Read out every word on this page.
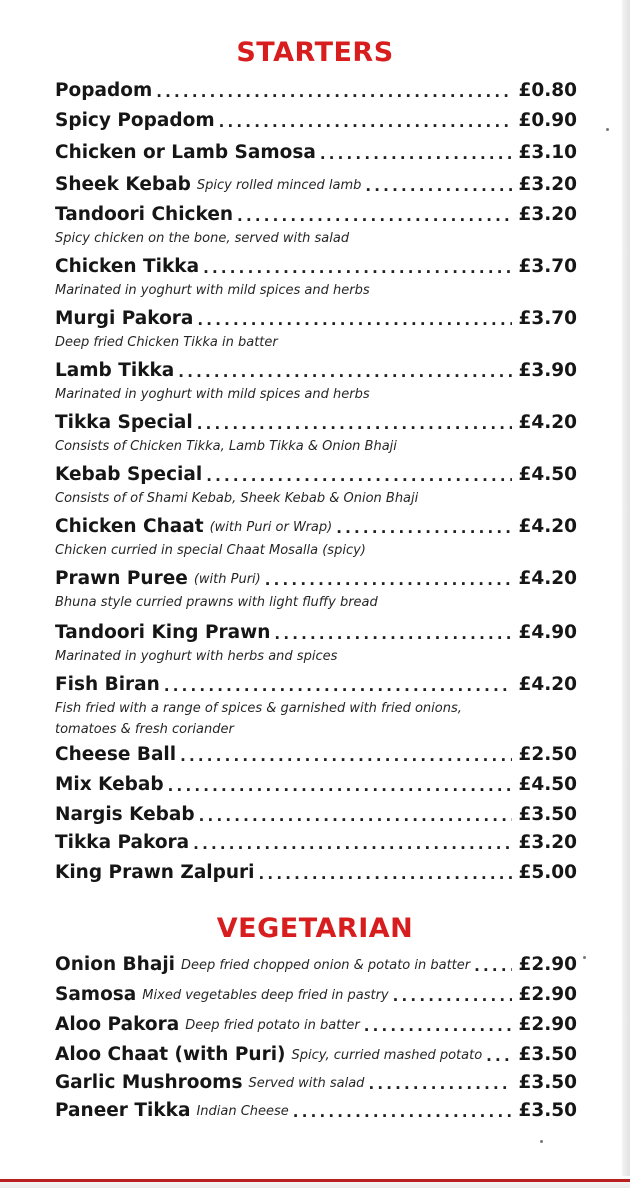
STARTERS
Popadom .....	£0.80
Spicy Popadom .....	£0.90
Chicken or Lamb Samosa .....	£3.10
Sheek Kebab Spicy rolled minced lamb .....	£3.20
Tandoori Chicken .....	£3.20
Spicy chicken on the bone, served with salad
Chicken Tikka .....	£3.70
Marinated in yoghurt with mild spices and herbs
Murgi Pakora .....	£3.70
Deep fried Chicken Tikka in batter
Lamb Tikka .....	£3.90
Marinated in yoghurt with mild spices and herbs
Tikka Special .....	£4.20
Consists of Chicken Tikka, Lamb Tikka & Onion Bhaji
Kebab Special .....	£4.50
Consists of of Shami Kebab, Sheek Kebab & Onion Bhaji
Chicken Chaat (with Puri or Wrap) .....	£4.20
Chicken curried in special Chaat Mosalla (spicy)
Prawn Puree (with Puri) .....	£4.20
Bhuna style curried prawns with light fluffy bread
Tandoori King Prawn .....	£4.90
Marinated in yoghurt with herbs and spices
Fish Biran .....	£4.20
Fish fried with a range of spices & garnished with fried onions, tomatoes & fresh coriander
Cheese Ball .....	£2.50
Mix Kebab .....	£4.50
Nargis Kebab .....	£3.50
Tikka Pakora .....	£3.20
King Prawn Zalpuri .....	£5.00
VEGETARIAN
Onion Bhaji Deep fried chopped onion & potato in batter .....	£2.90
Samosa Mixed vegetables deep fried in pastry .....	£2.90
Aloo Pakora Deep fried potato in batter .....	£2.90
Aloo Chaat (with Puri) Spicy, curried mashed potato ..... £3.50
Garlic Mushrooms Served with salad .....	£3.50
Paneer Tikka Indian Cheese .....	£3.50
